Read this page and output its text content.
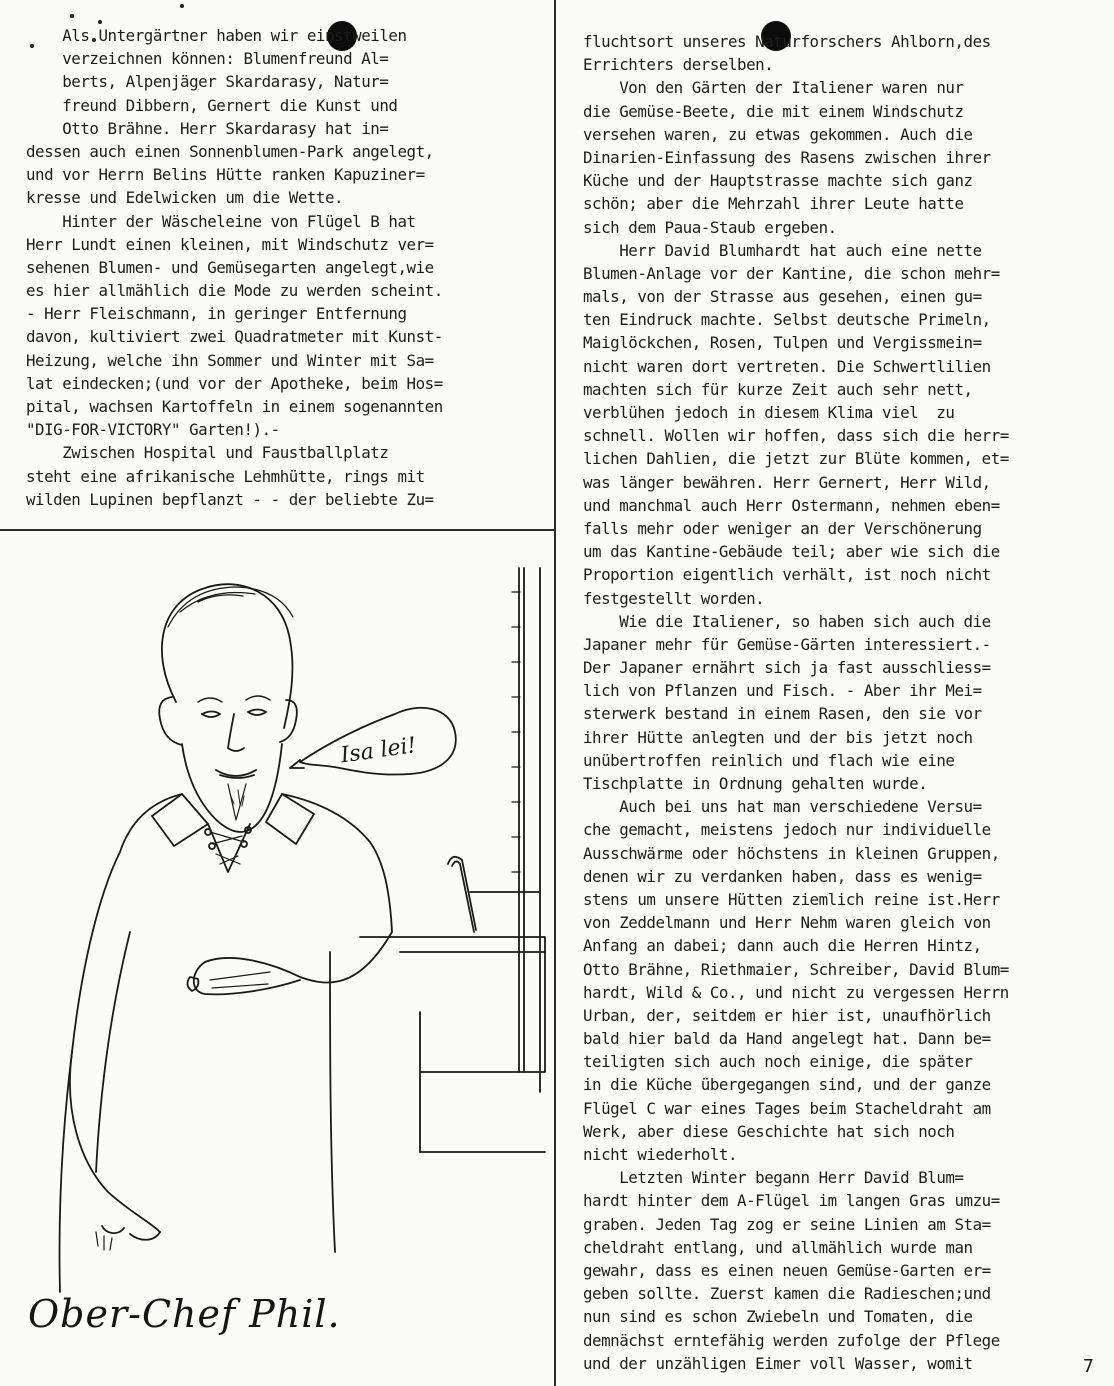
Als Untergärtner haben wir einstweilen
verzeichnen können: Blumenfreund Al=
berts, Alpenjäger Skardarasy, Natur=
freund Dibbern, Gernert die Kunst und
Otto Brähne. Herr Skardarasy hat in=
dessen auch einen Sonnenblumen-Park angelegt,
und vor Herrn Belins Hütte ranken Kapuziner=
kresse und Edelwicken um die Wette.
Hinter der Wäscheleine von Flügel B hat
Herr Lundt einen kleinen, mit Windschutz ver=
sehenen Blumen- und Gemüsegarten angelegt,wie
es hier allmählich die Mode zu werden scheint.
- Herr Fleischmann, in geringer Entfernung
davon, kultiviert zwei Quadratmeter mit Kunst-
Heizung, welche ihn Sommer und Winter mit Sa=
lat eindecken;(und vor der Apotheke, beim Hos=
pital, wachsen Kartoffeln in einem sogenannten
"DIG-FOR-VICTORY" Garten!).-
Zwischen Hospital und Faustballplatz
steht eine afrikanische Lehmhütte, rings mit
wilden Lupinen bepflanzt - - der beliebte Zu=
fluchtsort unseres Naturforschers Ahlborn,des
Errichters derselben.
Von den Gärten der Italiener waren nur
die Gemüse-Beete, die mit einem Windschutz
versehen waren, zu etwas gekommen. Auch die
Dinarien-Einfassung des Rasens zwischen ihrer
Küche und der Hauptstrasse machte sich ganz
schön; aber die Mehrzahl ihrer Leute hatte
sich dem Paua-Staub ergeben.
Herr David Blumhardt hat auch eine nette
Blumen-Anlage vor der Kantine, die schon mehr=
mals, von der Strasse aus gesehen, einen gu=
ten Eindruck machte. Selbst deutsche Primeln,
Maiglöckchen, Rosen, Tulpen und Vergissmein=
nicht waren dort vertreten. Die Schwertlilien
machten sich für kurze Zeit auch sehr nett,
verblühen jedoch in diesem Klima viel  zu
schnell. Wollen wir hoffen, dass sich die herr=
lichen Dahlien, die jetzt zur Blüte kommen, et=
was länger bewähren. Herr Gernert, Herr Wild,
und manchmal auch Herr Ostermann, nehmen eben=
falls mehr oder weniger an der Verschönerung
um das Kantine-Gebäude teil; aber wie sich die
Proportion eigentlich verhält, ist noch nicht
festgestellt worden.
Wie die Italiener, so haben sich auch die
Japaner mehr für Gemüse-Gärten interessiert.-
Der Japaner ernährt sich ja fast ausschliess=
lich von Pflanzen und Fisch. - Aber ihr Mei=
sterwerk bestand in einem Rasen, den sie vor
ihrer Hütte anlegten und der bis jetzt noch
unübertroffen reinlich und flach wie eine
Tischplatte in Ordnung gehalten wurde.
Auch bei uns hat man verschiedene Versu=
che gemacht, meistens jedoch nur individuelle
Ausschwärme oder höchstens in kleinen Gruppen,
denen wir zu verdanken haben, dass es wenig=
stens um unsere Hütten ziemlich reine ist.Herr
von Zeddelmann und Herr Nehm waren gleich von
Anfang an dabei; dann auch die Herren Hintz,
Otto Brähne, Riethmaier, Schreiber, David Blum=
hardt, Wild & Co., und nicht zu vergessen Herrn
Urban, der, seitdem er hier ist, unaufhörlich
bald hier bald da Hand angelegt hat. Dann be=
teiligten sich auch noch einige, die später
in die Küche übergegangen sind, und der ganze
Flügel C war eines Tages beim Stacheldraht am
Werk, aber diese Geschichte hat sich noch
nicht wiederholt.
Letzten Winter begann Herr David Blum=
hardt hinter dem A-Flügel im langen Gras umzu=
graben. Jeden Tag zog er seine Linien am Sta=
cheldraht entlang, und allmählich wurde man
gewahr, dass es einen neuen Gemüse-Garten er=
geben sollte. Zuerst kamen die Radieschen;und
nun sind es schon Zwiebeln und Tomaten, die
demnächst erntefähig werden zufolge der Pflege
und der unzähligen Eimer voll Wasser, womit
Isa lei!
Ober-Chef Phil.
7
